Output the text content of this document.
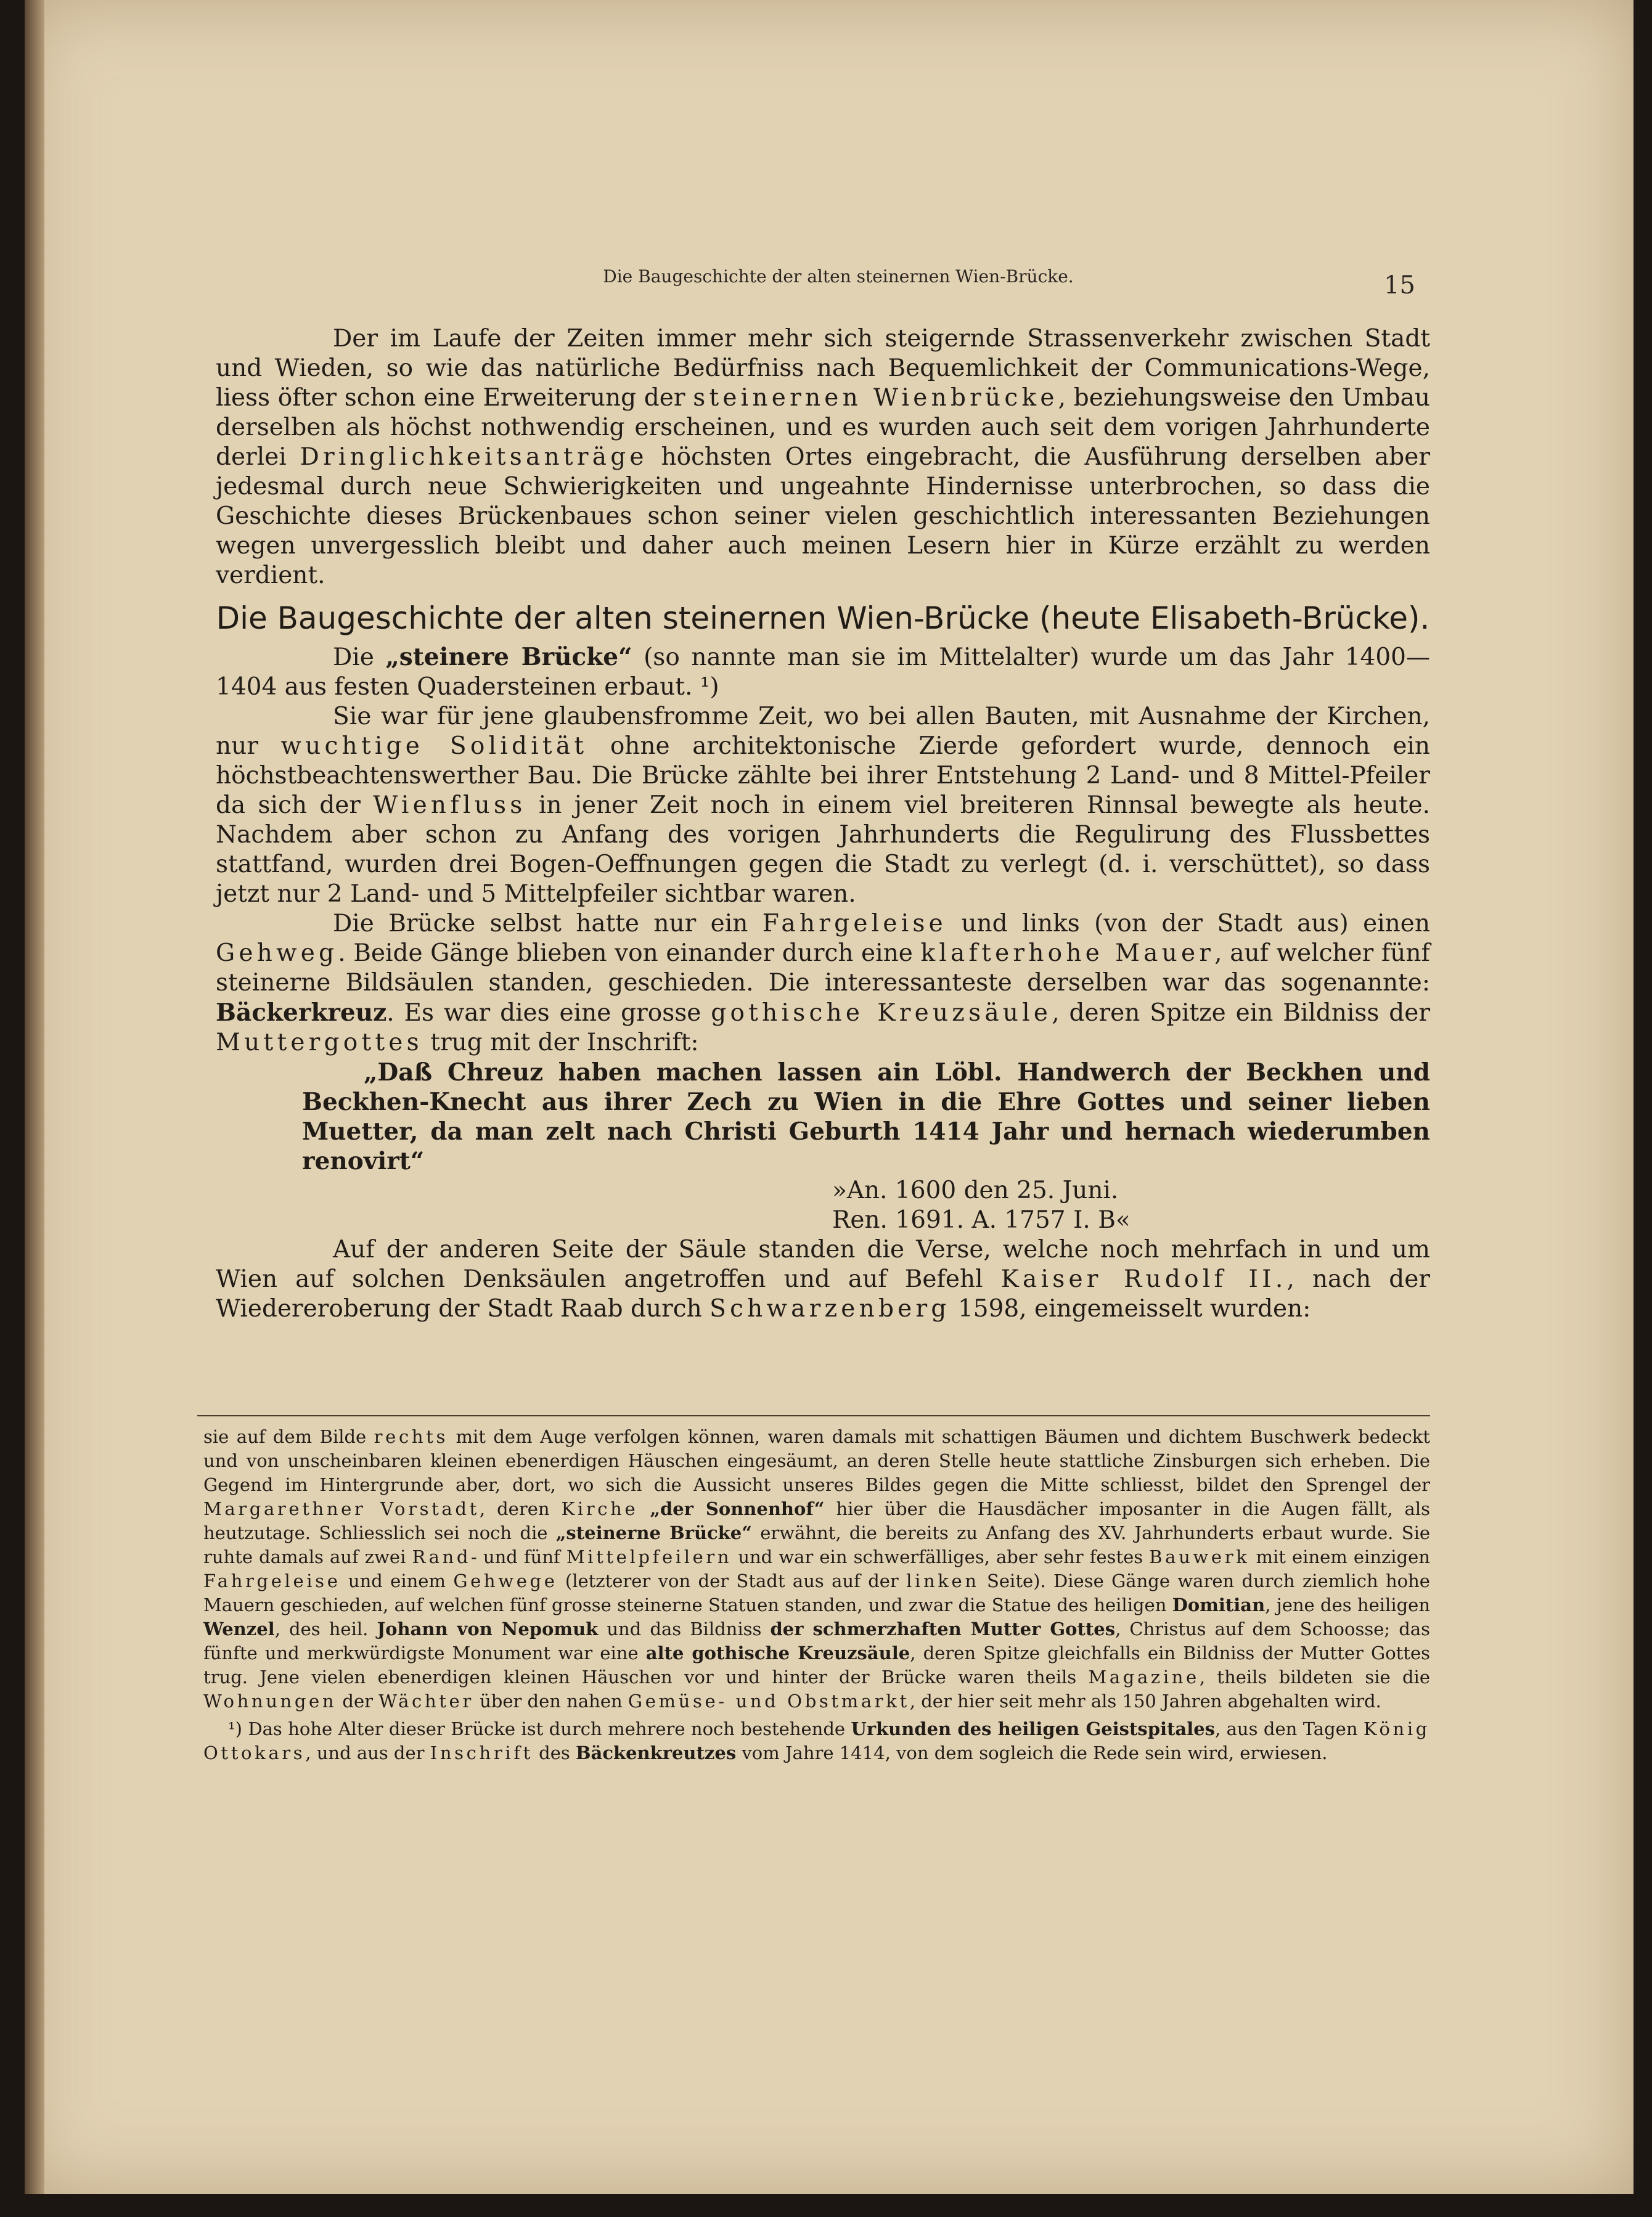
Die Baugeschichte der alten steinernen Wien-Brücke.	15

Der im Laufe der Zeiten immer mehr sich steigernde Strassenverkehr zwischen Stadt und Wieden, so wie das natürliche Bedürfniss nach Bequemlichkeit der Communications-Wege, liess öfter schon eine Erweiterung der steinernen Wienbrücke, beziehungsweise den Umbau derselben als höchst nothwendig erscheinen, und es wurden auch seit dem vorigen Jahrhunderte derlei Dringlichkeitsanträge höchsten Ortes eingebracht, die Ausführung derselben aber jedesmal durch neue Schwierigkeiten und ungeahnte Hindernisse unterbrochen, so dass die Geschichte dieses Brückenbaues schon seiner vielen geschichtlich interessanten Beziehungen wegen unvergesslich bleibt und daher auch meinen Lesern hier in Kürze erzählt zu werden verdient.

Die Baugeschichte der alten steinernen Wien-Brücke (heute Elisabeth-Brücke).

Die „steinere Brücke“ (so nannte man sie im Mittelalter) wurde um das Jahr 1400—1404 aus festen Quadersteinen erbaut. ¹)

Sie war für jene glaubensfromme Zeit, wo bei allen Bauten, mit Ausnahme der Kirchen, nur wuchtige Solidität ohne architektonische Zierde gefordert wurde, dennoch ein höchstbeachtenswerther Bau. Die Brücke zählte bei ihrer Entstehung 2 Land- und 8 Mittel-Pfeiler da sich der Wienfluss in jener Zeit noch in einem viel breiteren Rinnsal bewegte als heute. Nachdem aber schon zu Anfang des vorigen Jahrhunderts die Regulirung des Flussbettes stattfand, wurden drei Bogen-Oeffnungen gegen die Stadt zu verlegt (d. i. verschüttet), so dass jetzt nur 2 Land- und 5 Mittelpfeiler sichtbar waren.

Die Brücke selbst hatte nur ein Fahrgeleise und links (von der Stadt aus) einen Gehweg. Beide Gänge blieben von einander durch eine klafterhohe Mauer, auf welcher fünf steinerne Bildsäulen standen, geschieden. Die interessanteste derselben war das sogenannte: Bäckerkreuz. Es war dies eine grosse gothische Kreuzsäule, deren Spitze ein Bildniss der Muttergottes trug mit der Inschrift:

„Daß Chreuz haben machen lassen ain Löbl. Handwerch der Beckhen und Beckhen-Knecht aus ihrer Zech zu Wien in die Ehre Gottes und seiner lieben Muetter, da man zelt nach Christi Geburth 1414 Jahr und hernach wiederumben renovirt“

»An. 1600 den 25. Juni.

Ren. 1691. A. 1757 I. B«

Auf der anderen Seite der Säule standen die Verse, welche noch mehrfach in und um Wien auf solchen Denksäulen angetroffen und auf Befehl Kaiser Rudolf II., nach der Wiedereroberung der Stadt Raab durch Schwarzenberg 1598, eingemeisselt wurden:

sie auf dem Bilde rechts mit dem Auge verfolgen können, waren damals mit schattigen Bäumen und dichtem Buschwerk bedeckt und von unscheinbaren kleinen ebenerdigen Häuschen eingesäumt, an deren Stelle heute stattliche Zinsburgen sich erheben. Die Gegend im Hintergrunde aber, dort, wo sich die Aussicht unseres Bildes gegen die Mitte schliesst, bildet den Sprengel der Margarethner Vorstadt, deren Kirche „der Sonnenhof“ hier über die Hausdächer imposanter in die Augen fällt, als heutzutage. Schliesslich sei noch die „steinerne Brücke“ erwähnt, die bereits zu Anfang des XV. Jahrhunderts erbaut wurde. Sie ruhte damals auf zwei Rand- und fünf Mittelpfeilern und war ein schwerfälliges, aber sehr festes Bauwerk mit einem einzigen Fahrgeleise und einem Gehwege (letzterer von der Stadt aus auf der linken Seite). Diese Gänge waren durch ziemlich hohe Mauern geschieden, auf welchen fünf grosse steinerne Statuen standen, und zwar die Statue des heiligen Domitian, jene des heiligen Wenzel, des heil. Johann von Nepomuk und das Bildniss der schmerzhaften Mutter Gottes, Christus auf dem Schoosse; das fünfte und merkwürdigste Monument war eine alte gothische Kreuzsäule, deren Spitze gleichfalls ein Bildniss der Mutter Gottes trug. Jene vielen ebenerdigen kleinen Häuschen vor und hinter der Brücke waren theils Magazine, theils bildeten sie die Wohnungen der Wächter über den nahen Gemüse- und Obstmarkt, der hier seit mehr als 150 Jahren abgehalten wird.

¹) Das hohe Alter dieser Brücke ist durch mehrere noch bestehende Urkunden des heiligen Geistspitales, aus den Tagen König Ottokars, und aus der Inschrift des Bäckenkreutzes vom Jahre 1414, von dem sogleich die Rede sein wird, erwiesen.
